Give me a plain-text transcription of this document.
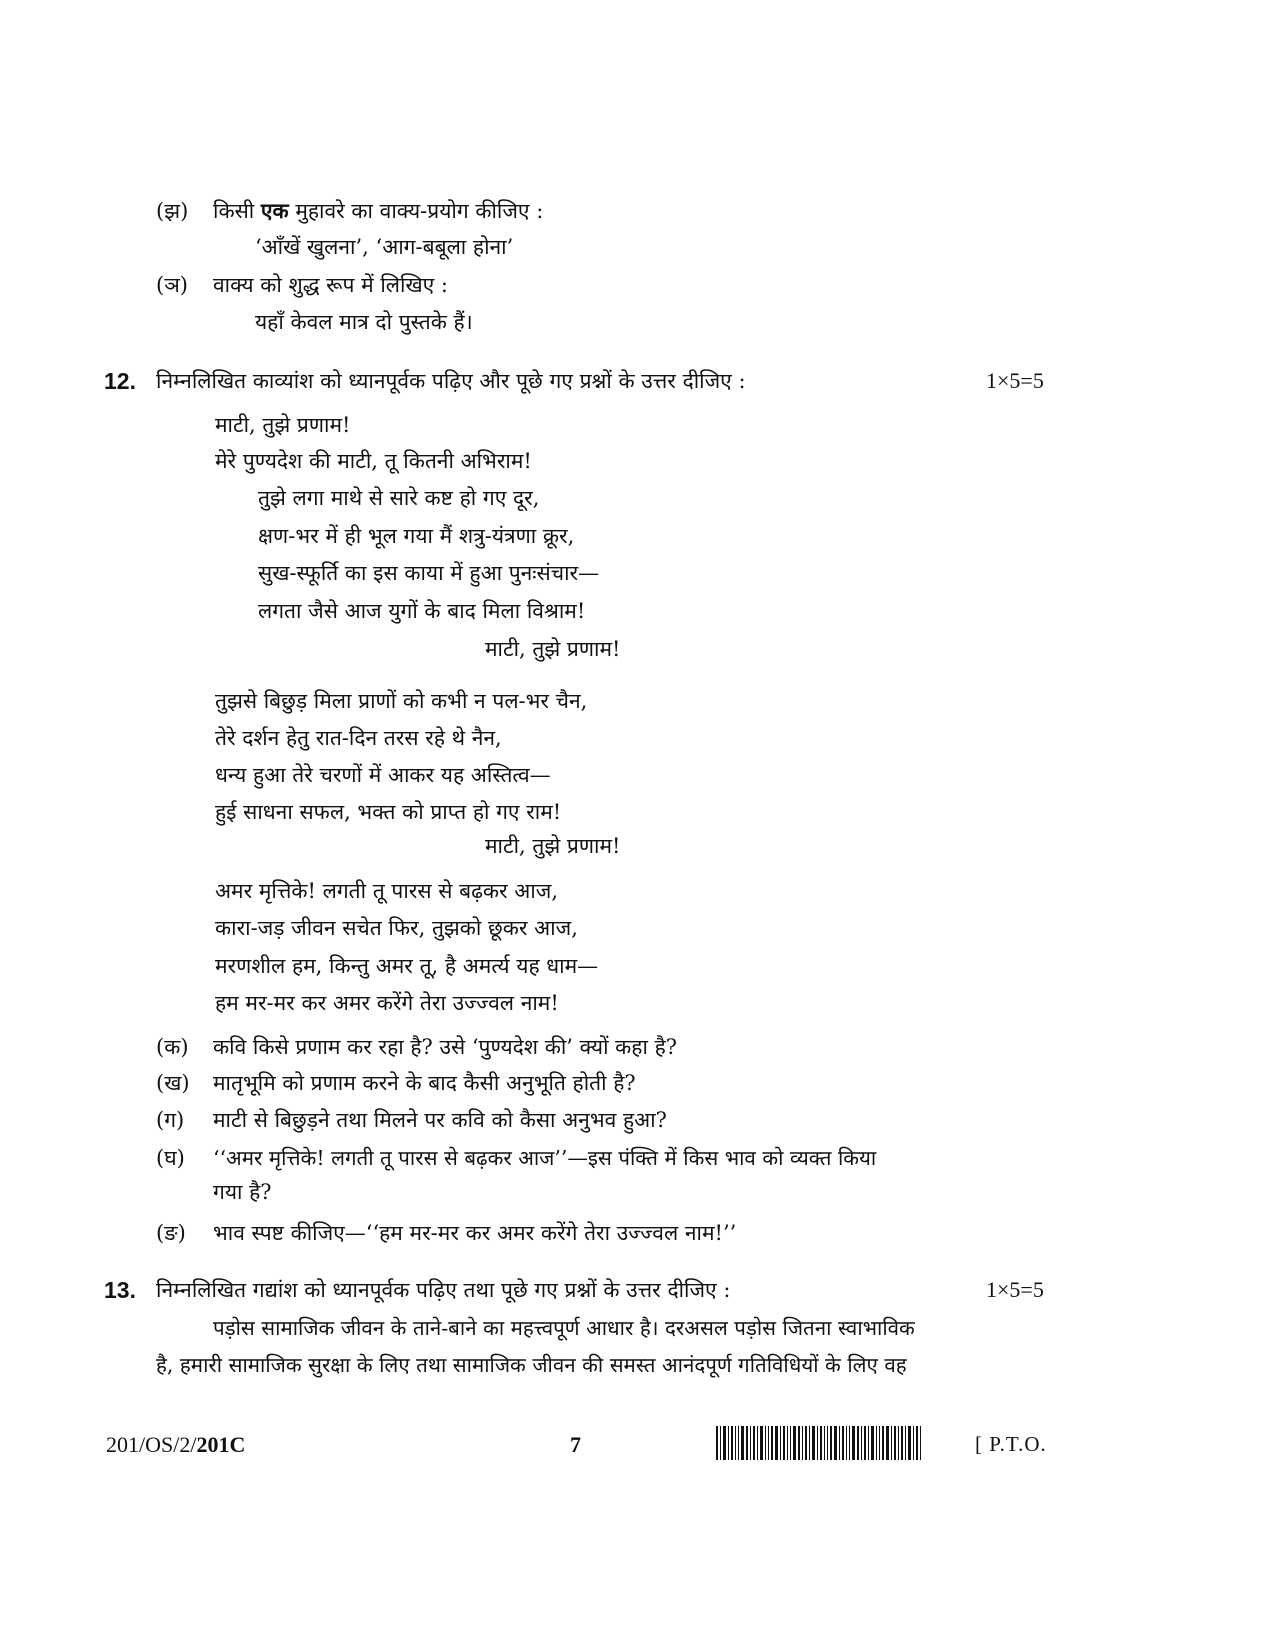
(झ) किसी एक मुहावरे का वाक्य-प्रयोग कीजिए :
‘आँखें खुलना’, ‘आग-बबूला होना’
(ञ) वाक्य को शुद्ध रूप में लिखिए :
यहाँ केवल मात्र दो पुस्तके हैं।
12. निम्नलिखित काव्यांश को ध्यानपूर्वक पढ़िए और पूछे गए प्रश्नों के उत्तर दीजिए :	1×5=5
माटी, तुझे प्रणाम!
मेरे पुण्यदेश की माटी, तू कितनी अभिराम!
तुझे लगा माथे से सारे कष्ट हो गए दूर,
क्षण-भर में ही भूल गया मैं शत्रु-यंत्रणा क्रूर,
सुख-स्फूर्ति का इस काया में हुआ पुनःसंचार—
लगता जैसे आज युगों के बाद मिला विश्राम!
माटी, तुझे प्रणाम!
तुझसे बिछुड़ मिला प्राणों को कभी न पल-भर चैन,
तेरे दर्शन हेतु रात-दिन तरस रहे थे नैन,
धन्य हुआ तेरे चरणों में आकर यह अस्तित्व—
हुई साधना सफल, भक्त को प्राप्त हो गए राम!
माटी, तुझे प्रणाम!
अमर मृत्तिके! लगती तू पारस से बढ़कर आज,
कारा-जड़ जीवन सचेत फिर, तुझको छूकर आज,
मरणशील हम, किन्तु अमर तू, है अमर्त्य यह धाम—
हम मर-मर कर अमर करेंगे तेरा उज्ज्वल नाम!
(क) कवि किसे प्रणाम कर रहा है? उसे ‘पुण्यदेश की’ क्यों कहा है?
(ख) मातृभूमि को प्रणाम करने के बाद कैसी अनुभूति होती है?
(ग) माटी से बिछुड़ने तथा मिलने पर कवि को कैसा अनुभव हुआ?
(घ) ‘‘अमर मृत्तिके! लगती तू पारस से बढ़कर आज’’—इस पंक्ति में किस भाव को व्यक्त किया
गया है?
(ङ) भाव स्पष्ट कीजिए—‘‘हम मर-मर कर अमर करेंगे तेरा उज्ज्वल नाम!’’
13. निम्नलिखित गद्यांश को ध्यानपूर्वक पढ़िए तथा पूछे गए प्रश्नों के उत्तर दीजिए :	1×5=5
पड़ोस सामाजिक जीवन के ताने-बाने का महत्त्वपूर्ण आधार है। दरअसल पड़ोस जितना स्वाभाविक
है, हमारी सामाजिक सुरक्षा के लिए तथा सामाजिक जीवन की समस्त आनंदपूर्ण गतिविधियों के लिए वह
201/OS/2/201C	7	[ P.T.O.
